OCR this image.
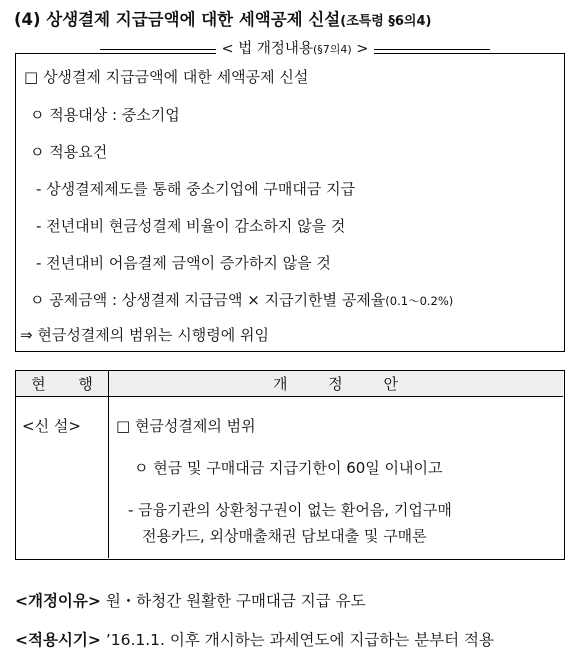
(4) 상생결제 지급금액에 대한 세액공제 신설(조특령 §6의4)
□ 상생결제 지급금액에 대한 세액공제 신설
ㅇ 적용대상 : 중소기업
ㅇ 적용요건
- 상생결제제도를 통해 중소기업에 구매대금 지급
- 전년대비 현금성결제 비율이 감소하지 않을 것
- 전년대비 어음결제 금액이 증가하지 않을 것
ㅇ 공제금액 : 상생결제 지급금액 × 지급기한별 공제율(0.1～0.2%)
⇒ 현금성결제의 범위는 시행령에 위임
< 법 개정내용(§7의4) >
현 행	개 정 안
<신 설> □ 현금성결제의 범위
ㅇ 현금 및 구매대금 지급기한이 60일 이내이고
- 금융기관의 상환청구권이 없는 환어음, 기업구매
전용카드, 외상매출채권 담보대출 및 구매론
<개정이유> 원・하청간 원활한 구매대금 지급 유도
<적용시기> ’16.1.1. 이후 개시하는 과세연도에 지급하는 분부터 적용
